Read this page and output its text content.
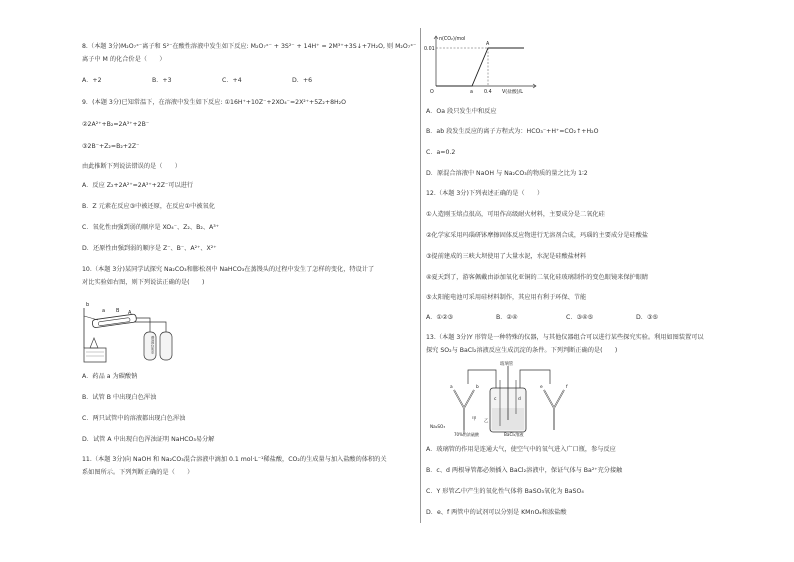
8.（本题 3分)M₂O₇ˣ⁻离子和 S²⁻在酸性溶液中发生如下反应: M₂O₇ˣ⁻ + 3S²⁻ + 14H⁺ = 2M³⁺+3S↓+7H₂O, 则 M₂O₇ˣ⁻
离子中 M 的化合价是（　　）
A．+2	B．+3	C．+4	D．+6
9．(本题 3分)已知常温下，在溶液中发生如下反应: ①16H⁺+10Z⁻+2XO₄⁻=2X²⁺+5Z₂+8H₂O
②2A²⁺+B₂=2A³⁺+2B⁻
③2B⁻+Z₂=B₂+2Z⁻
由此推断下列说法错误的是（　　）
A．反应 Z₂+2A²⁺=2A³⁺+2Z⁻可以进行
B．Z 元素在反应③中被还原，在反应①中被氧化
C．氧化性由强到弱的顺序是 XO₄⁻、Z₂、B₂、A³⁺
D．还原性由强到弱的顺序是 Z⁻、B⁻、A²⁺、X²⁺
10.（本题 3分)某同学试探究 Na₂CO₃和膨松剂中 NaHCO₃在蒸馒头的过程中发生了怎样的变化，特设计了
对比实验如右图，则下列说法正确的是(　　)
b
A
a B
澄清石灰水
A．药品 a 为碳酸钠
B．试管 B 中出现白色浑浊
C．两只试管中的溶液都出现白色浑浊
D．试管 A 中出现白色浑浊证明 NaHCO₃易分解
11.（本题 3分)向 NaOH 和 Na₂CO₃混合溶液中滴加 0.1 mol·L⁻¹稀盐酸，CO₂的生成量与加入盐酸的体积的关
系如图所示。下列判断正确的是（　　）
n(CO₂)/mol
0.01
O	a 0.4 V(盐酸)/L
A
A．Oa 段只发生中和反应
B．ab 段发生反应的离子方程式为：HCO₃⁻+H⁺=CO₂↑+H₂O
C．a=0.2
D．原混合溶液中 NaOH 与 Na₂CO₃的物质的量之比为 1∶2
12.（本题 3分)下列表述正确的是（　　）
①人造刚玉熔点很高，可用作高级耐火材料，主要成分是二氧化硅
②化学家采用玛瑙研钵摩擦固体反应物进行无溶剂合成，玛瑙的主要成分是硅酸盐
③提前建成的三峡大坝使用了大量水泥，水泥是硅酸盐材料
④夏天到了，游客佩戴由添加氧化亚铜的二氧化硅玻璃制作的变色眼镜来保护眼睛
⑤太阳能电池可采用硅材料制作，其应用有利于环保、节能
A．①②③	B．②④	C．③④⑤	D．③⑤
13.（本题 3分)Y 形管是一种特殊的仪器，与其他仪器组合可以进行某些探究实验。利用如图装置可以
探究 SO₂与 BaCl₂溶液反应生成沉淀的条件。下列判断正确的是(　　)
玻璃管
Na₂SO₃
甲
70%的浓硫酸	BaCl₂溶液
乙
a	b
c	d
e	f
A．玻璃管的作用是连通大气，使空气中的氧气进入广口瓶，参与反应
B．c、d 两根导管都必须插入 BaCl₂溶液中，保证气体与 Ba²⁺充分接触
C．Y 形管乙中产生的氧化性气体将 BaSO₃氧化为 BaSO₄
D．e、f 两管中的试剂可以分别是 KMnO₄和浓盐酸
